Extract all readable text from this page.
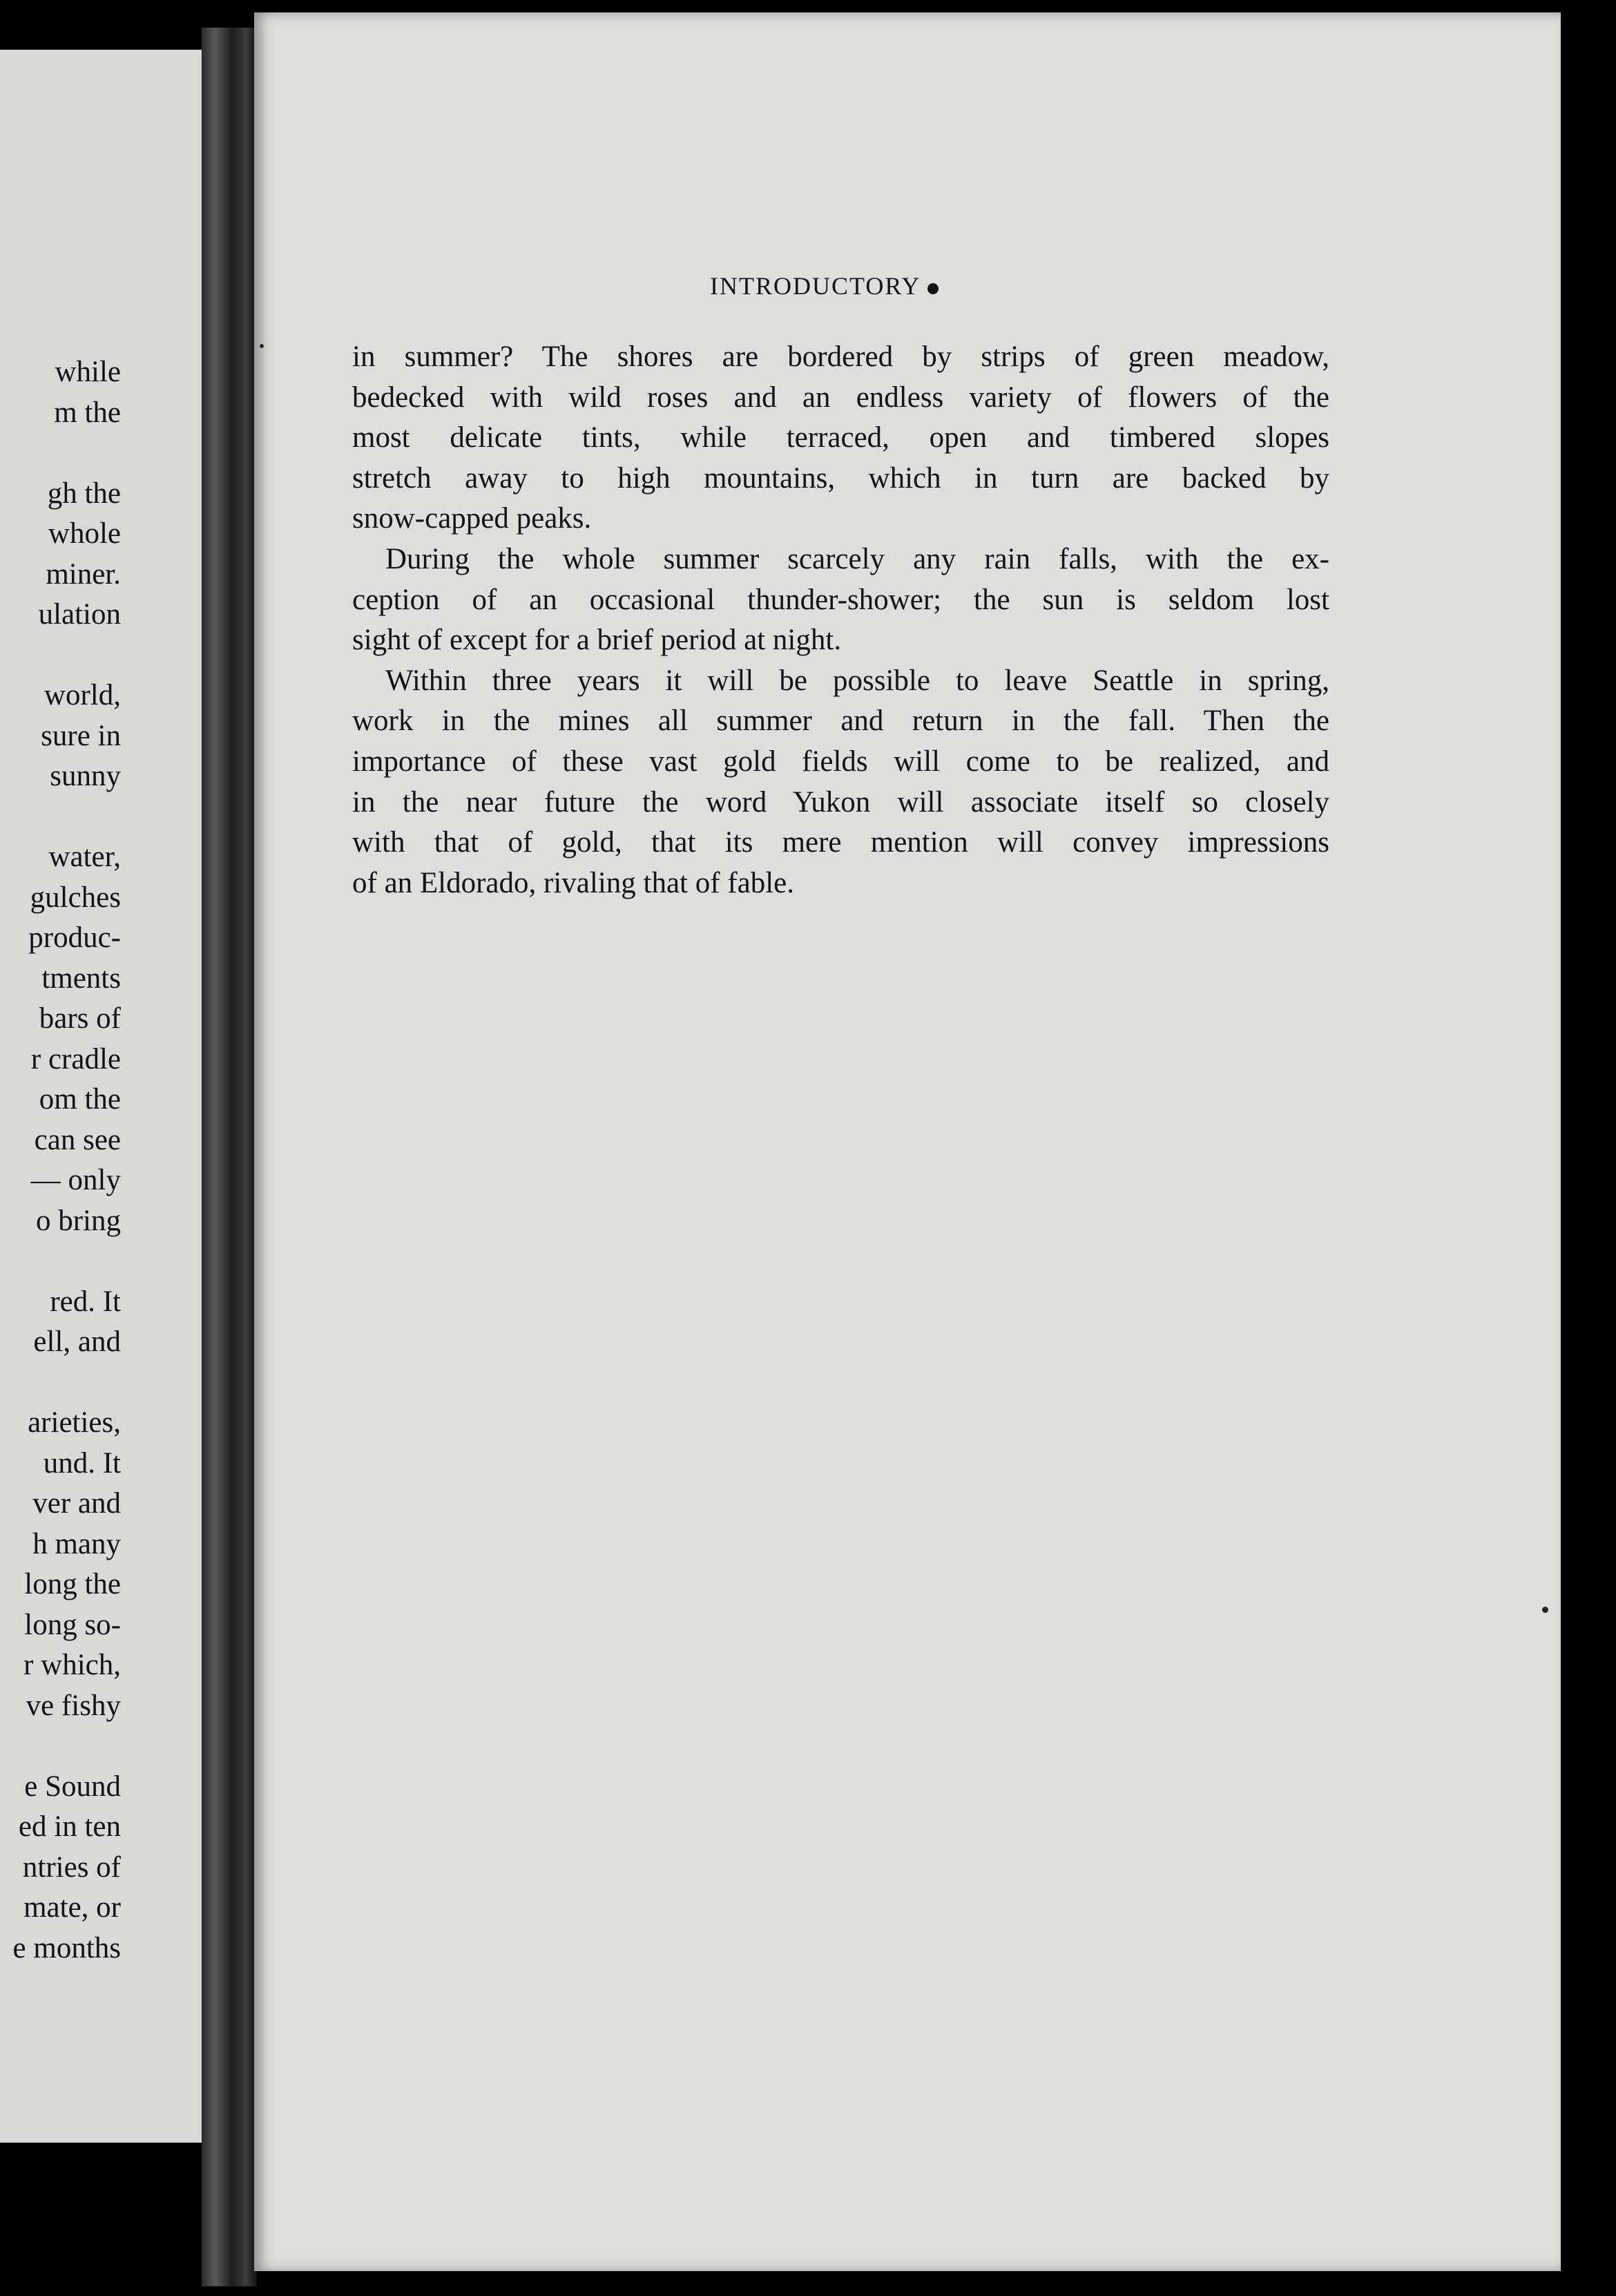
while
m the
gh the
whole
miner.
ulation
world,
sure in
sunny
water,
gulches
produc-
tments
bars of
r cradle
om the
can see
— only
o bring
red. It
ell, and
arieties,
und. It
ver and
h many
long the
long so-
r which,
ve fishy
e Sound
ed in ten
ntries of
mate, or
e months
INTRODUCTORY
in summer? The shores are bordered by strips of green meadow,
bedecked with wild roses and an endless variety of flowers of the
most delicate tints, while terraced, open and timbered slopes
stretch away to high mountains, which in turn are backed by
snow-capped peaks.
During the whole summer scarcely any rain falls, with the ex-
ception of an occasional thunder-shower; the sun is seldom lost
sight of except for a brief period at night.
Within three years it will be possible to leave Seattle in spring,
work in the mines all summer and return in the fall. Then the
importance of these vast gold fields will come to be realized, and
in the near future the word Yukon will associate itself so closely
with that of gold, that its mere mention will convey impressions
of an Eldorado, rivaling that of fable.
